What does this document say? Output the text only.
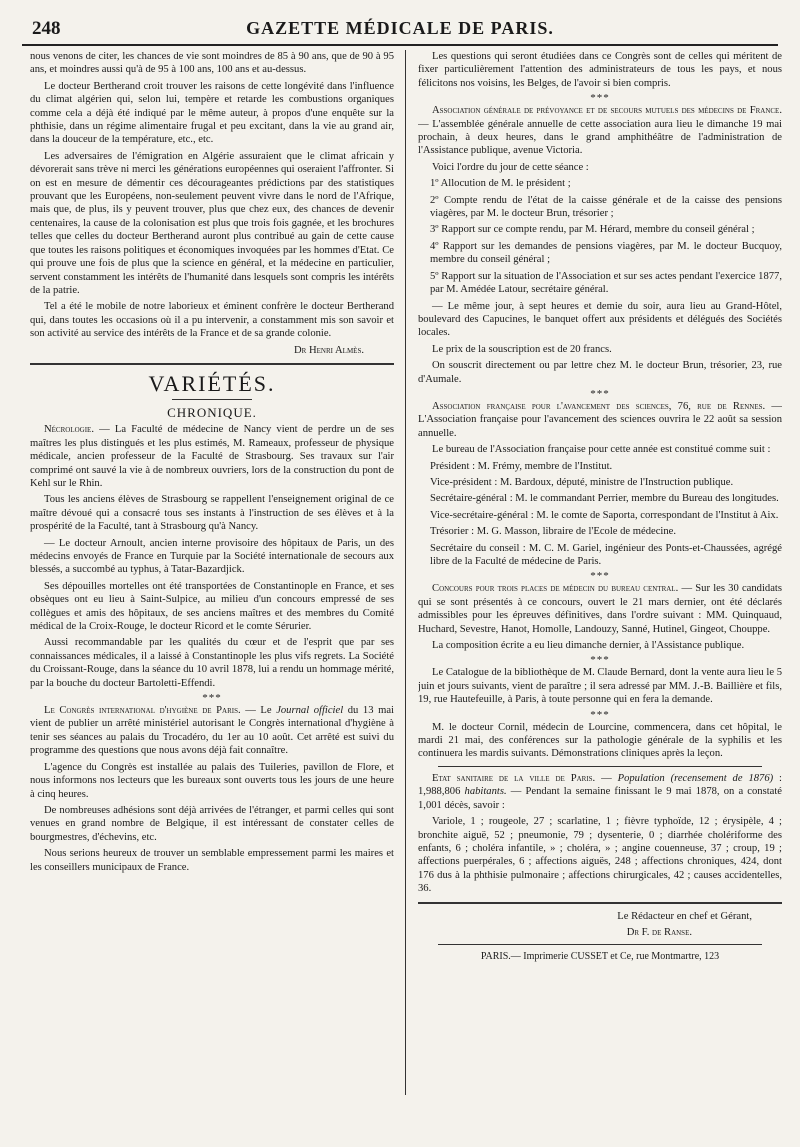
248	GAZETTE MÉDICALE DE PARIS.

nous venons de citer, les chances de vie sont moindres de 85 à 90 ans, que de 90 à 95 ans, et moindres aussi qu'à de 95 à 100 ans, 100 ans et au-dessus.

Le docteur Bertherand croit trouver les raisons de cette longévité dans l'influence du climat algérien qui, selon lui, tempère et retarde les combustions organiques comme cela a déjà été indiqué par le même auteur, à propos d'une enquête sur la phthisie, dans un régime alimentaire frugal et peu excitant, dans la vie au grand air, dans la douceur de la température, etc., etc.

Les adversaires de l'émigration en Algérie assuraient que le climat africain y dévorerait sans trève ni merci les générations européennes qui oseraient l'affronter. Si on est en mesure de démentir ces décourageantes prédictions par des statistiques prouvant que les Européens, non-seulement peuvent vivre dans le nord de l'Afrique, mais que, de plus, ils y peuvent trouver, plus que chez eux, des chances de devenir centenaires, la cause de la colonisation est plus que trois fois gagnée, et les brochures telles que celles du docteur Bertherand auront plus contribué au gain de cette cause que toutes les raisons politiques et économiques invoquées par les hommes d'Etat. Ce qui prouve une fois de plus que la science en général, et la médecine en particulier, servent constamment les intérêts de l'humanité dans lesquels sont compris les intérêts de la patrie.

Tel a été le mobile de notre laborieux et éminent confrère le docteur Bertherand qui, dans toutes les occasions où il a pu intervenir, a constamment mis son savoir et son activité au service des intérêts de la France et de sa grande colonie.

Dr Henri Almès.

VARIÉTÉS.
CHRONIQUE.

Nécrologie. — La Faculté de médecine de Nancy vient de perdre un de ses maîtres les plus distingués et les plus estimés, M. Rameaux, professeur de physique médicale, ancien professeur de la Faculté de Strasbourg. Ses travaux sur l'air comprimé ont sauvé la vie à de nombreux ouvriers, lors de la construction du pont de Kehl sur le Rhin.

Tous les anciens élèves de Strasbourg se rappellent l'enseignement original de ce maître dévoué qui a consacré tous ses instants à l'instruction de ses élèves et à la prospérité de la Faculté, tant à Strasbourg qu'à Nancy.

— Le docteur Arnoult, ancien interne provisoire des hôpitaux de Paris, un des médecins envoyés de France en Turquie par la Société internationale de secours aux blessés, a succombé au typhus, à Tatar-Bazardjick.

Ses dépouilles mortelles ont été transportées de Constantinople en France, et ses obsèques ont eu lieu à Saint-Sulpice, au milieu d'un concours empressé de ses collègues et amis des hôpitaux, de ses anciens maîtres et des membres du Comité médical de la Croix-Rouge, le docteur Ricord et le comte Sérurier.

Aussi recommandable par les qualités du cœur et de l'esprit que par ses connaissances médicales, il a laissé à Constantinople les plus vifs regrets. La Société du Croissant-Rouge, dans la séance du 10 avril 1878, lui a rendu un hommage mérité, par la bouche du docteur Bartoletti-Effendi.

***

Le Congrès international d'hygiène de Paris. — Le Journal officiel du 13 mai vient de publier un arrêté ministériel autorisant le Congrès international d'hygiène à tenir ses séances au palais du Trocadéro, du 1er au 10 août. Cet arrêté est suivi du programme des questions que nous avons déjà fait connaître.

L'agence du Congrès est installée au palais des Tuileries, pavillon de Flore, et nous informons nos lecteurs que les bureaux sont ouverts tous les jours de une heure à cinq heures.

De nombreuses adhésions sont déjà arrivées de l'étranger, et parmi celles qui sont venues en grand nombre de Belgique, il est intéressant de constater celles de bourgmestres, d'échevins, etc.

Nous serions heureux de trouver un semblable empressement parmi les maires et les conseillers municipaux de France.

Les questions qui seront étudiées dans ce Congrès sont de celles qui méritent de fixer particulièrement l'attention des administrateurs de tous les pays, et nous félicitons nos voisins, les Belges, de l'avoir si bien compris.

***

Association générale de prévoyance et de secours mutuels des médecins de France. — L'assemblée générale annuelle de cette association aura lieu le dimanche 19 mai prochain, à deux heures, dans le grand amphithéâtre de l'administration de l'Assistance publique, avenue Victoria.

Voici l'ordre du jour de cette séance :

1º Allocution de M. le président ;

2º Compte rendu de l'état de la caisse générale et de la caisse des pensions viagères, par M. le docteur Brun, trésorier ;

3º Rapport sur ce compte rendu, par M. Hérard, membre du conseil général ;

4º Rapport sur les demandes de pensions viagères, par M. le docteur Bucquoy, membre du conseil général ;

5º Rapport sur la situation de l'Association et sur ses actes pendant l'exercice 1877, par M. Amédée Latour, secrétaire général.

— Le même jour, à sept heures et demie du soir, aura lieu au Grand-Hôtel, boulevard des Capucines, le banquet offert aux présidents et délégués des Sociétés locales.

Le prix de la souscription est de 20 francs.

On souscrit directement ou par lettre chez M. le docteur Brun, trésorier, 23, rue d'Aumale.

***

Association française pour l'avancement des sciences, 76, rue de Rennes. — L'Association française pour l'avancement des sciences ouvrira le 22 août sa session annuelle.

Le bureau de l'Association française pour cette année est constitué comme suit :

Président : M. Frémy, membre de l'Institut.

Vice-président : M. Bardoux, député, ministre de l'Instruction publique.

Secrétaire-général : M. le commandant Perrier, membre du Bureau des longitudes.

Vice-secrétaire-général : M. le comte de Saporta, correspondant de l'Institut à Aix.

Trésorier : M. G. Masson, libraire de l'Ecole de médecine.

Secrétaire du conseil : M. C. M. Gariel, ingénieur des Ponts-et-Chaussées, agrégé libre de la Faculté de médecine de Paris.

***

Concours pour trois places de médecin du bureau central. — Sur les 30 candidats qui se sont présentés à ce concours, ouvert le 21 mars dernier, ont été déclarés admissibles pour les épreuves définitives, dans l'ordre suivant : MM. Quinquaud, Huchard, Sevestre, Hanot, Homolle, Landouzy, Sanné, Hutinel, Gingeot, Chouppe.

La composition écrite a eu lieu dimanche dernier, à l'Assistance publique.

***

Le Catalogue de la bibliothèque de M. Claude Bernard, dont la vente aura lieu le 5 juin et jours suivants, vient de paraître ; il sera adressé par MM. J.-B. Baillière et fils, 19, rue Hautefeuille, à Paris, à toute personne qui en fera la demande.

***

M. le docteur Cornil, médecin de Lourcine, commencera, dans cet hôpital, le mardi 21 mai, des conférences sur la pathologie générale de la syphilis et les continuera les mardis suivants. Démonstrations cliniques après la leçon.

Etat sanitaire de la ville de Paris. — Population (recensement de 1876) : 1,988,806 habitants. — Pendant la semaine finissant le 9 mai 1878, on a constaté 1,001 décès, savoir :

Variole, 1 ; rougeole, 27 ; scarlatine, 1 ; fièvre typhoïde, 12 ; érysipèle, 4 ; bronchite aiguë, 52 ; pneumonie, 79 ; dysenterie, 0 ; diarrhée cholériforme des enfants, 6 ; choléra infantile, » ; choléra, » ; angine couenneuse, 37 ; croup, 19 ; affections puerpérales, 6 ; affections aiguës, 248 ; affections chroniques, 424, dont 176 dus à la phthisie pulmonaire ; affections chirurgicales, 42 ; causes accidentelles, 36.

Le Rédacteur en chef et Gérant,

Dr F. de Ranse.

PARIS.— Imprimerie CUSSET et Ce, rue Montmartre, 123
